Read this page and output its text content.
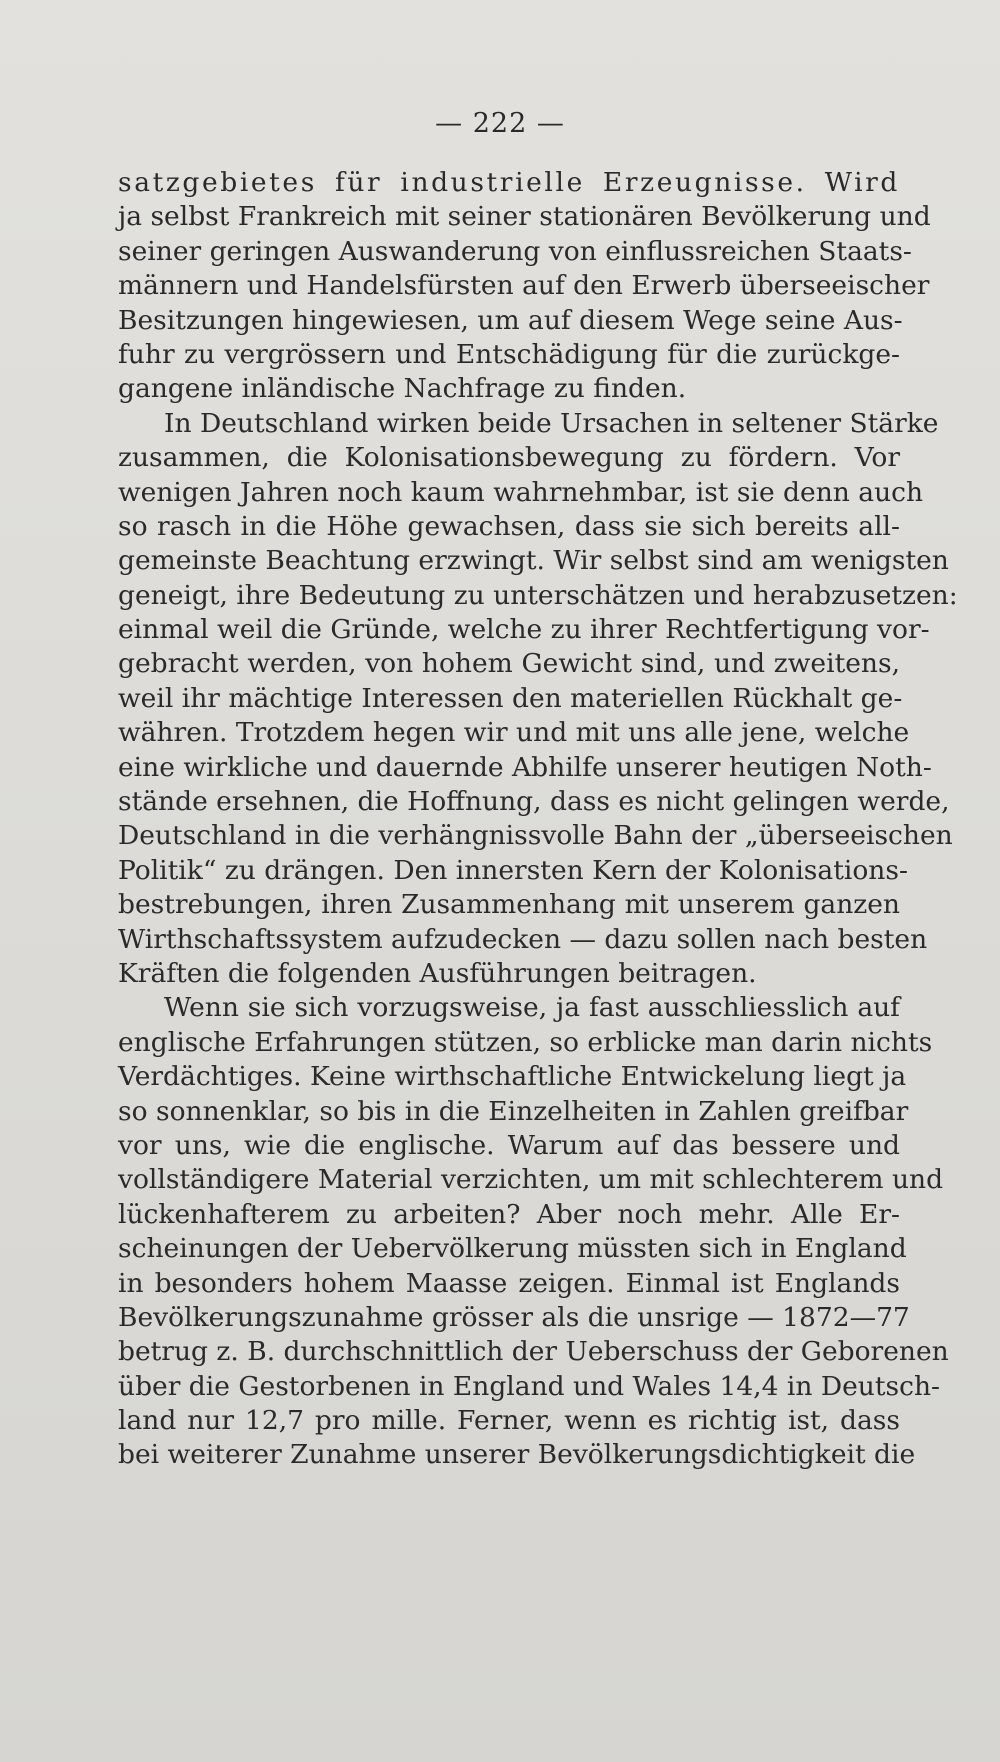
— 222 —
satzgebietes für industrielle Erzeugnisse. Wird
ja selbst Frankreich mit seiner stationären Bevölkerung und
seiner geringen Auswanderung von einflussreichen Staats-
männern und Handelsfürsten auf den Erwerb überseeischer
Besitzungen hingewiesen, um auf diesem Wege seine Aus-
fuhr zu vergrössern und Entschädigung für die zurückge-
gangene inländische Nachfrage zu finden.
In Deutschland wirken beide Ursachen in seltener Stärke
zusammen, die Kolonisationsbewegung zu fördern. Vor
wenigen Jahren noch kaum wahrnehmbar, ist sie denn auch
so rasch in die Höhe gewachsen, dass sie sich bereits all-
gemeinste Beachtung erzwingt. Wir selbst sind am wenigsten
geneigt, ihre Bedeutung zu unterschätzen und herabzusetzen:
einmal weil die Gründe, welche zu ihrer Rechtfertigung vor-
gebracht werden, von hohem Gewicht sind, und zweitens,
weil ihr mächtige Interessen den materiellen Rückhalt ge-
währen. Trotzdem hegen wir und mit uns alle jene, welche
eine wirkliche und dauernde Abhilfe unserer heutigen Noth-
stände ersehnen, die Hoffnung, dass es nicht gelingen werde,
Deutschland in die verhängnissvolle Bahn der „überseeischen
Politik“ zu drängen. Den innersten Kern der Kolonisations-
bestrebungen, ihren Zusammenhang mit unserem ganzen
Wirthschaftssystem aufzudecken — dazu sollen nach besten
Kräften die folgenden Ausführungen beitragen.
Wenn sie sich vorzugsweise, ja fast ausschliesslich auf
englische Erfahrungen stützen, so erblicke man darin nichts
Verdächtiges. Keine wirthschaftliche Entwickelung liegt ja
so sonnenklar, so bis in die Einzelheiten in Zahlen greifbar
vor uns, wie die englische. Warum auf das bessere und
vollständigere Material verzichten, um mit schlechterem und
lückenhafterem zu arbeiten? Aber noch mehr. Alle Er-
scheinungen der Uebervölkerung müssten sich in England
in besonders hohem Maasse zeigen. Einmal ist Englands
Bevölkerungszunahme grösser als die unsrige — 1872—77
betrug z. B. durchschnittlich der Ueberschuss der Geborenen
über die Gestorbenen in England und Wales 14,4 in Deutsch-
land nur 12,7 pro mille. Ferner, wenn es richtig ist, dass
bei weiterer Zunahme unserer Bevölkerungsdichtigkeit die
